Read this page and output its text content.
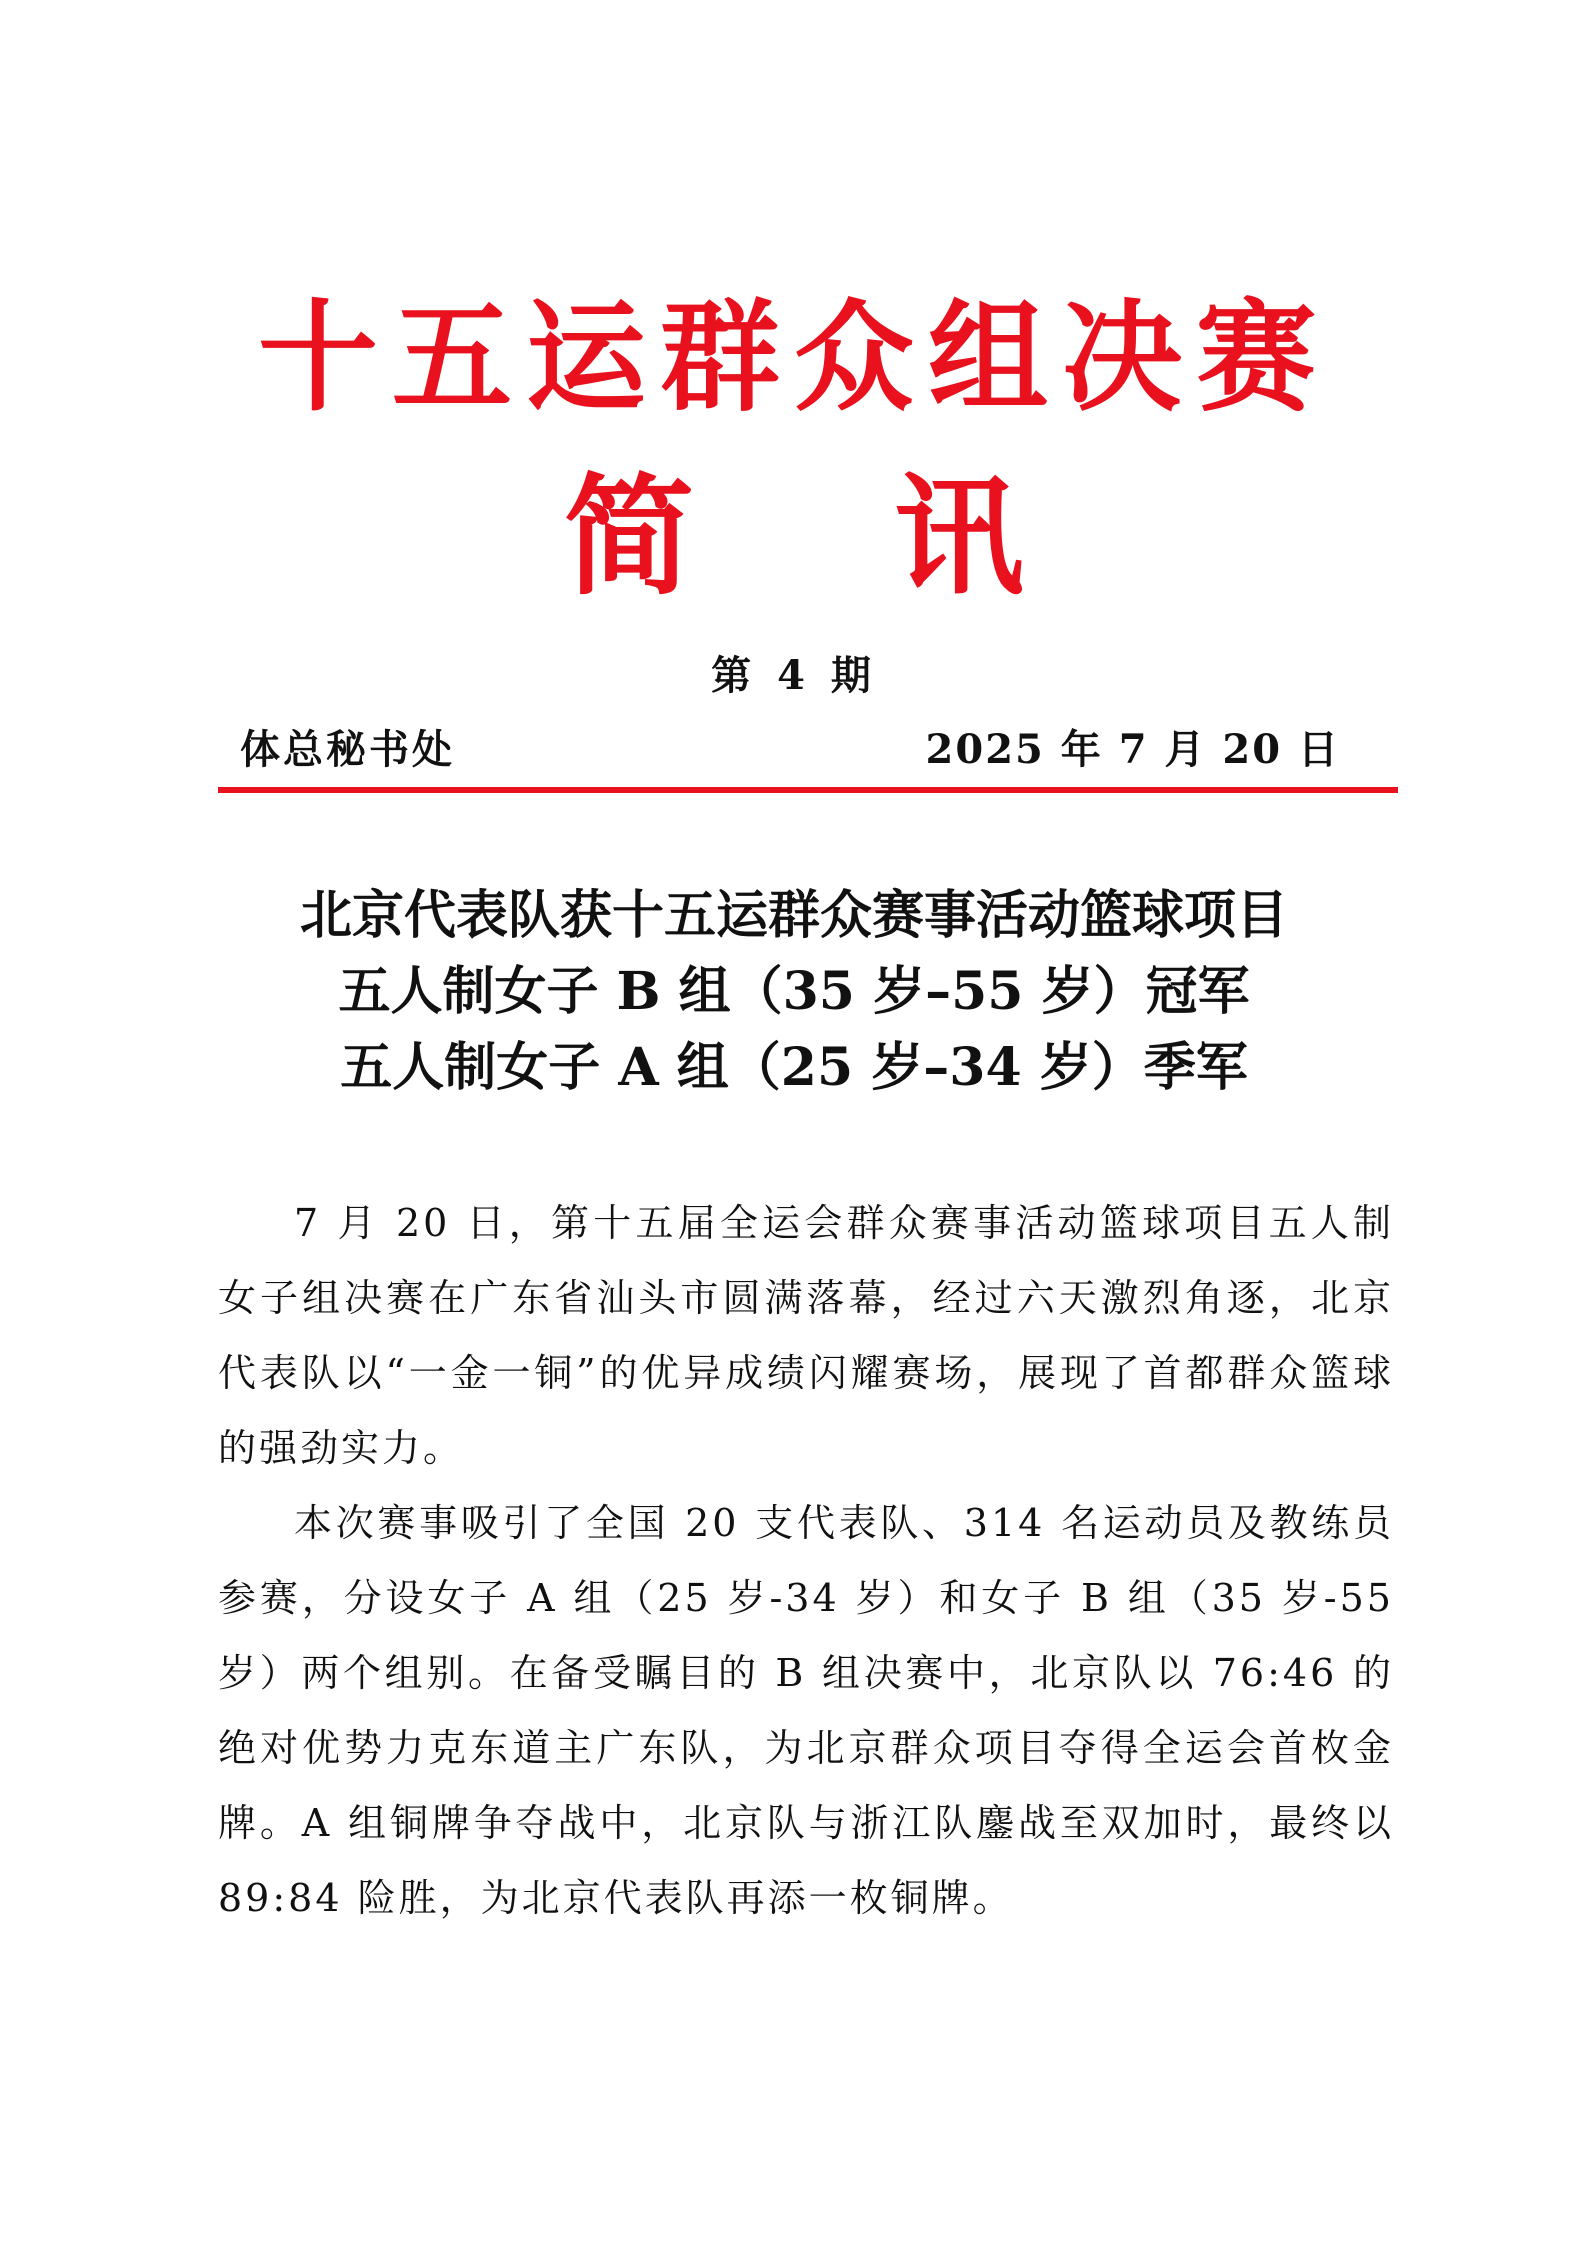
十五运群众组决赛
简 讯
第 4 期
体总秘书处	2025 年 7 月 20 日
北京代表队获十五运群众赛事活动篮球项目
五人制女子 B 组（35 岁–55 岁）冠军
五人制女子 A 组（25 岁–34 岁）季军

7 月 20 日，第十五届全运会群众赛事活动篮球项目五人制女子组决赛在广东省汕头市圆满落幕，经过六天激烈角逐，北京代表队以“一金一铜”的优异成绩闪耀赛场，展现了首都群众篮球的强劲实力。

本次赛事吸引了全国 20 支代表队、314 名运动员及教练员参赛，分设女子 A 组（25 岁-34 岁）和女子 B 组（35 岁-55 岁）两个组别。在备受瞩目的 B 组决赛中，北京队以 76:46 的绝对优势力克东道主广东队，为北京群众项目夺得全运会首枚金牌。A 组铜牌争夺战中，北京队与浙江队鏖战至双加时，最终以 89:84 险胜，为北京代表队再添一枚铜牌。
